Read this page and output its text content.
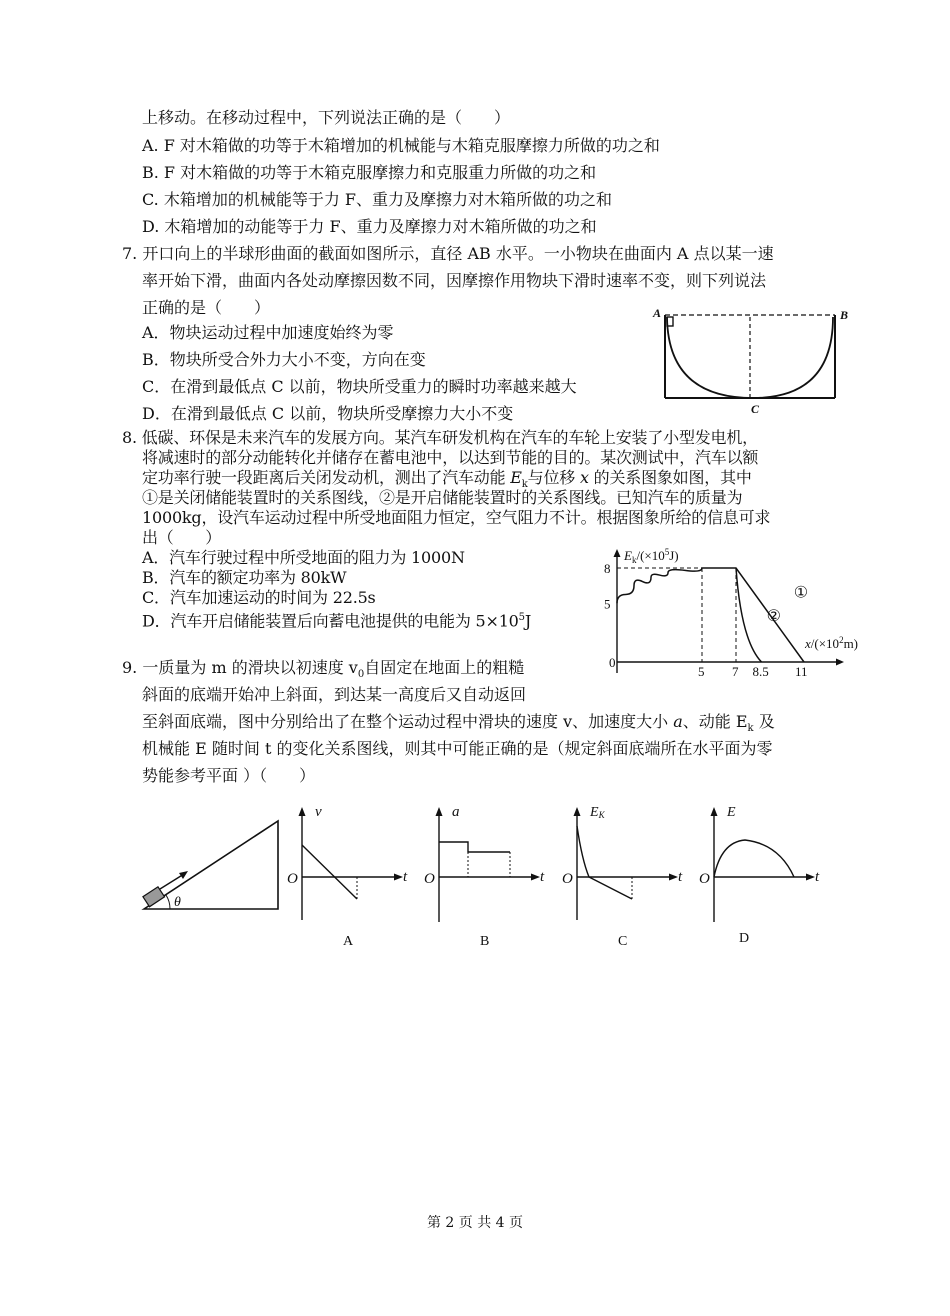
上移动。在移动过程中，下列说法正确的是（　　）
A. F 对木箱做的功等于木箱增加的机械能与木箱克服摩擦力所做的功之和
B. F 对木箱做的功等于木箱克服摩擦力和克服重力所做的功之和
C. 木箱增加的机械能等于力 F、重力及摩擦力对木箱所做的功之和
D. 木箱增加的动能等于力 F、重力及摩擦力对木箱所做的功之和
7. 开口向上的半球形曲面的截面如图所示，直径 AB 水平。一小物块在曲面内 A 点以某一速
率开始下滑，曲面内各处动摩擦因数不同，因摩擦作用物块下滑时速率不变，则下列说法
正确的是（　　）
A．物块运动过程中加速度始终为零
B．物块所受合外力大小不变，方向在变
C．在滑到最低点 C 以前，物块所受重力的瞬时功率越来越大
D．在滑到最低点 C 以前，物块所受摩擦力大小不变
A	B
C
8. 低碳、环保是未来汽车的发展方向。某汽车研发机构在汽车的车轮上安装了小型发电机，
将减速时的部分动能转化并储存在蓄电池中，以达到节能的目的。某次测试中，汽车以额
定功率行驶一段距离后关闭发动机，测出了汽车动能 $E_k$与位移 x 的关系图象如图，其中
①是关闭储能装置时的关系图线，②是开启储能装置时的关系图线。已知汽车的质量为
1000kg，设汽车运动过程中所受地面阻力恒定，空气阻力不计。根据图象所给的信息可求
出（　　）
A．汽车行驶过程中所受地面的阻力为 1000N
B．汽车的额定功率为 80kW
C．汽车加速运动的时间为 22.5s
D．汽车开启储能装置后向蓄电池提供的电能为 $5\times 10^5J$
$E_k/(\times 10^5J)$
$x/(\times 10^2m)$
0
8
5
5 7 8.5 11
①
②
9. 一质量为 m 的滑块以初速度 $v_0$自固定在地面上的粗糙
斜面的底端开始冲上斜面，到达某一高度后又自动返回
至斜面底端，图中分别给出了在整个运动过程中滑块的速度 v、加速度大小 a、动能 $E_k$ 及
机械能 E 随时间 t 的变化关系图线，则其中可能正确的是（规定斜面底端所在水平面为零
势能参考平面 ）（　　）
θ
v
t
O
A
a
t
O
B
EK
t
O
C
E
t
O
D
第 2 页 共 4 页
